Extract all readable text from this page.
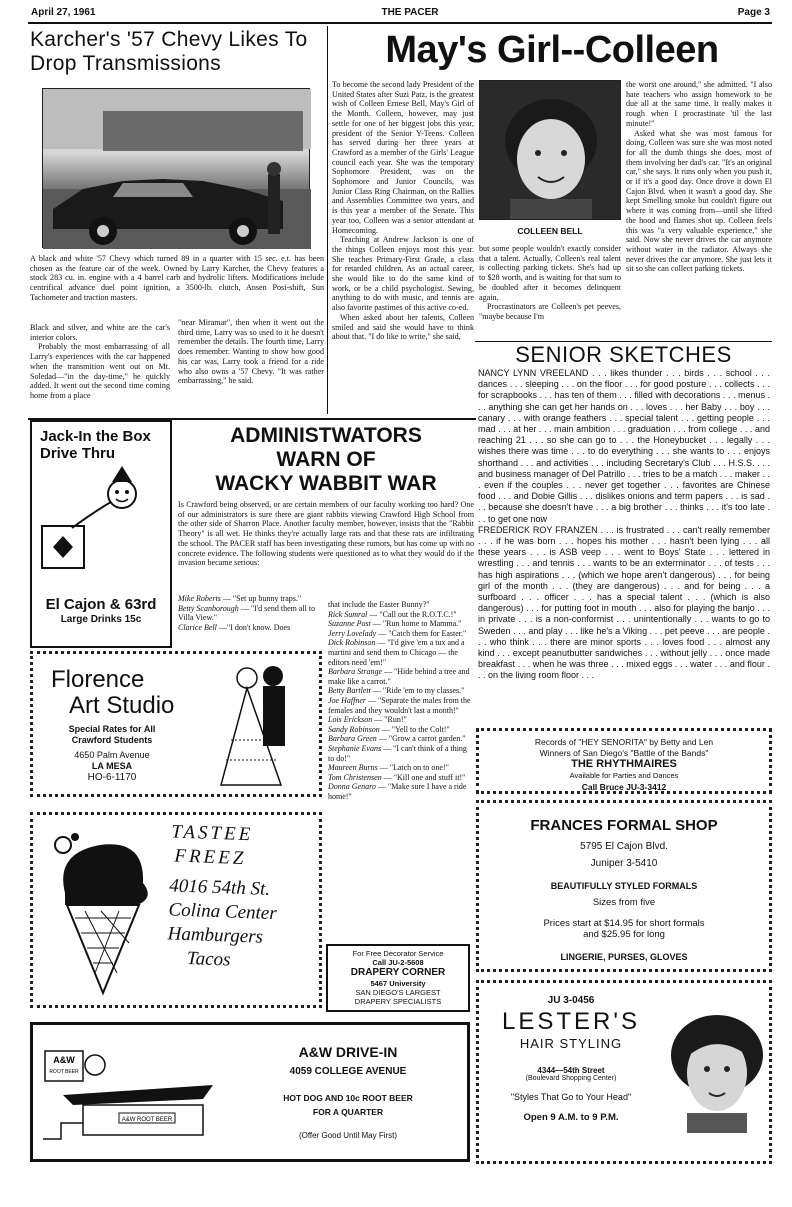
April 27, 1961	THE PACER	Page 3
Karcher's '57 Chevy Likes To Drop Transmissions

A black and white '57 Chevy which turned 89 in a quarter with 15 sec. e.t. has been chosen as the feature car of the week. Owned by Larry Karcher, the Chevy features a stock 283 cu. in. engine with a 4 barrel carb and hydrolic lifters. Modifications include centrifical advance duel point ignition, a 3500-lb. clutch, Ansen Posi-shift, Sun Tachometer and traction masters.

Black and silver, and white are the car's interior colors.

Probably the most embarrassing of all Larry's experiences with the car happened when the transmition went out on Mt. Soledad—"in the day-time," he quickly added. It went out the second time coming home from a place

"near Miramar", then when it went out the third time, Larry was so used to it he doesn't remember the details. The fourth time, Larry does remember. Wanting to show how good his car was, Larry took a friend for a ride who also owns a '57 Chevy. "It was rather embarrassing," he said.

May's Girl--Colleen

To become the second lady President of the United States after Suzi Patz, is the greatest wish of Colleen Ernese Bell, May's Girl of the Month. Colleen, however, may just settle for one of her biggest jobs this year, president of the Senior Y-Teens. Colleen has served during her three years at Crawford as a member of the Girls' League council each year. She was the temporary Sophomore President, was on the Sophomore and Junior Councils, was Junior Class Ring Chairman, on the Rallies and Assemblies Committee two years, and is this year a member of the Senate. This year too, Colleen was a senior attendant at Homecoming.

Teaching at Andrew Jackson is one of the things Colleen enjoys most this year. She teaches Primary-First Grade, a class for retarded children. As an actual career, she would like to do the same kind of work, or be a child psychologist. Sewing, anything to do with music, and tennis are also favorite pastimes of this active co-ed.

When asked about her talents, Colleen smiled and said she would have to think about that. "I do like to write," she said,

COLLEEN BELL

but some people wouldn't exactly consider that a talent. Actually, Colleen's real talent is collecting parking tickets. She's had up to $28 worth, and is waiting for that sum to be doubled after it becomes delinquent again.

Procrastinators are Colleen's pet peeves, "maybe because I'm

the worst one around," she admitted. "I also hate teachers who assign homework to be due all at the same time. It really makes it rough when I procrastinate 'til the last minute!"

Asked what she was most famous for doing, Colleen was sure she was most noted for all the dumb things she does, most of them involving her dad's car. "It's an original car," she says. It runs only when you push it, or if it's a good day. Once drove it down El Cajon Blvd. when it wasn't a good day. She kept Smelling smoke but couldn't figure out where it was coming from—until she lifted the hood and flames shot up. Colleen feels this was "a very valuable experience," she said. Now she never drives the car anymore without water in the radiator. Always she never drives the car anymore. She just lets it sit so she can collect parking tickets.

SENIOR SKETCHES

NANCY LYNN VREELAND . . . likes thunder . . . birds . . . school . . . dances . . . sleeping . . . on the floor . . . for good posture . . . collects . . . for scrapbooks . . . has ten of them . . . filled with decorations . . . menus . . . anything she can get her hands on . . . loves . . . her Baby . . . boy . . . canary . . . with orange feathers . . . special talent . . . getting people . . . mad . . . at her . . . main ambition . . . graduation . . . from college . . . and reaching 21 . . . so she can go to . . . the Honeybucket . . . legally . . . wishes there was time . . . to do everything . . . she wants to . . . enjoys shorthand . . . and activities . . . including Secretary's Club . . . H.S.S. . . . and business manager of Del Patrillo . . . tries to be a match . . . maker . . . even if the couples . . . never get together . . . favorites are Chinese food . . . and Dobie Gillis . . . dislikes onions and term papers . . . is sad . . . because she doesn't have . . . a big brother . . . thinks . . . it's too late . . . to get one now

FREDERICK ROY FRANZEN . . . is frustrated . . . can't really remember . . . if he was born . . . hopes his mother . . . hasn't been lying . . . all these years . . . is ASB veep . . . went to Boys' State . . . lettered in wrestling . . . and tennis . . . wants to be an exterminator . . . of tests . . . has high aspirations . . . (which we hope aren't dangerous) . . . for being girl of the month . . . (they are dangerous) . . . and for being . . . a surfboard . . . officer . . . has a special talent . . . (which is also dangerous) . . . for putting foot in mouth . . . also for playing the banjo . . . in private . . . is a non-conformist . . . unintentionally . . . wants to go to Sweden . . . and play . . . like he's a Viking . . . pet peeve . . . are people . . . who think . . . there are minor sports . . . loves food . . . almost any kind . . . except peanutbutter sandwiches . . . without jelly . . . once made breakfast . . . when he was three . . . mixed eggs . . . water . . . and flour . . . on the living room floor . . .

Jack-In the Box
Drive Thru
El Cajon & 63rd
Large Drinks 15c
ADMINISTWATORS
WARN OF
WACKY WABBIT WAR

Is Crawford being observed, or are certain members of our faculty working too hard? One of our administrators is sure there are giant rabbits viewing Crawford High School from the other side of Sharron Place. Another faculty member, however, insists that the "Rabbit Theory" is all wet. He thinks they're actually large rats and that these rats are infiltrating the school. The PACER staff has been investigating these rumors, but has come up with no concrete evidence. The following students were questioned as to what they would do if the invasion became serious:

Mike Roberts — "Set up bunny traps."
Betty Scanborough — "I'd send them all to Villa View."
Clarice Bell —"I don't know. Does
that include the Easter Bunny?"
Rick Sumral — "Call out the R.O.T.C.!"
Suzanne Post — "Run home to Mamma."
Jerry Lovelady — "Catch them for Easter."
Dick Robinson — "I'd give 'em a tux and a martini and send them to Chicago — the editors need 'em!"
Barbara Strange — "Hide behind a tree and make like a carrot."
Betty Bartlett — "Ride 'em to my classes."
Joe Haffner — "Separate the males from the females and they wouldn't last a month!"
Lois Erickson — "Run!"
Sandy Robinson — "Yell to the Colt!"
Barbara Green — "Grow a carrot garden."
Stephanie Evans — "I can't think of a thing to do!"
Maureen Burns — "Latch on to one!"
Tom Christensen — "Kill one and stuff it!"
Donna Genaro — "Make sure I have a ride home!"
Florence
Art Studio
Special Rates for All
Crawford Students
4650 Palm Avenue
LA MESA
HO-6-1170
TASTEE
FREEZ
4016 54th St.
Colina Center
Hamburgers
Tacos	For Free Decorator Service
Call JU-2-5608
DRAPERY CORNER
5467 University
SAN DIEGO'S LARGEST
DRAPERY SPECIALISTS
A&W
ROOT BEER
A&W ROOT BEER
A&W DRIVE-IN
4059 COLLEGE AVENUE
HOT DOG AND 10c ROOT BEER
FOR A QUARTER
(Offer Good Until May First)
Records of "HEY SENORITA" by Betty and Len
Winners of San Diego's "Battle of the Bands"
THE RHYTHMAIRES
Available for Parties and Dances
Call Bruce JU-3-3412
FRANCES FORMAL SHOP
5795 El Cajon Blvd.
Juniper 3-5410
BEAUTIFULLY STYLED FORMALS
Sizes from five
Prices start at $14.95 for short formals
and $25.95 for long
LINGERIE, PURSES, GLOVES
JU 3-0456
LESTER'S
HAIR STYLING
4344—54th Street
(Boulevard Shopping Center)
"Styles That Go to Your Head"
Open 9 A.M. to 9 P.M.
